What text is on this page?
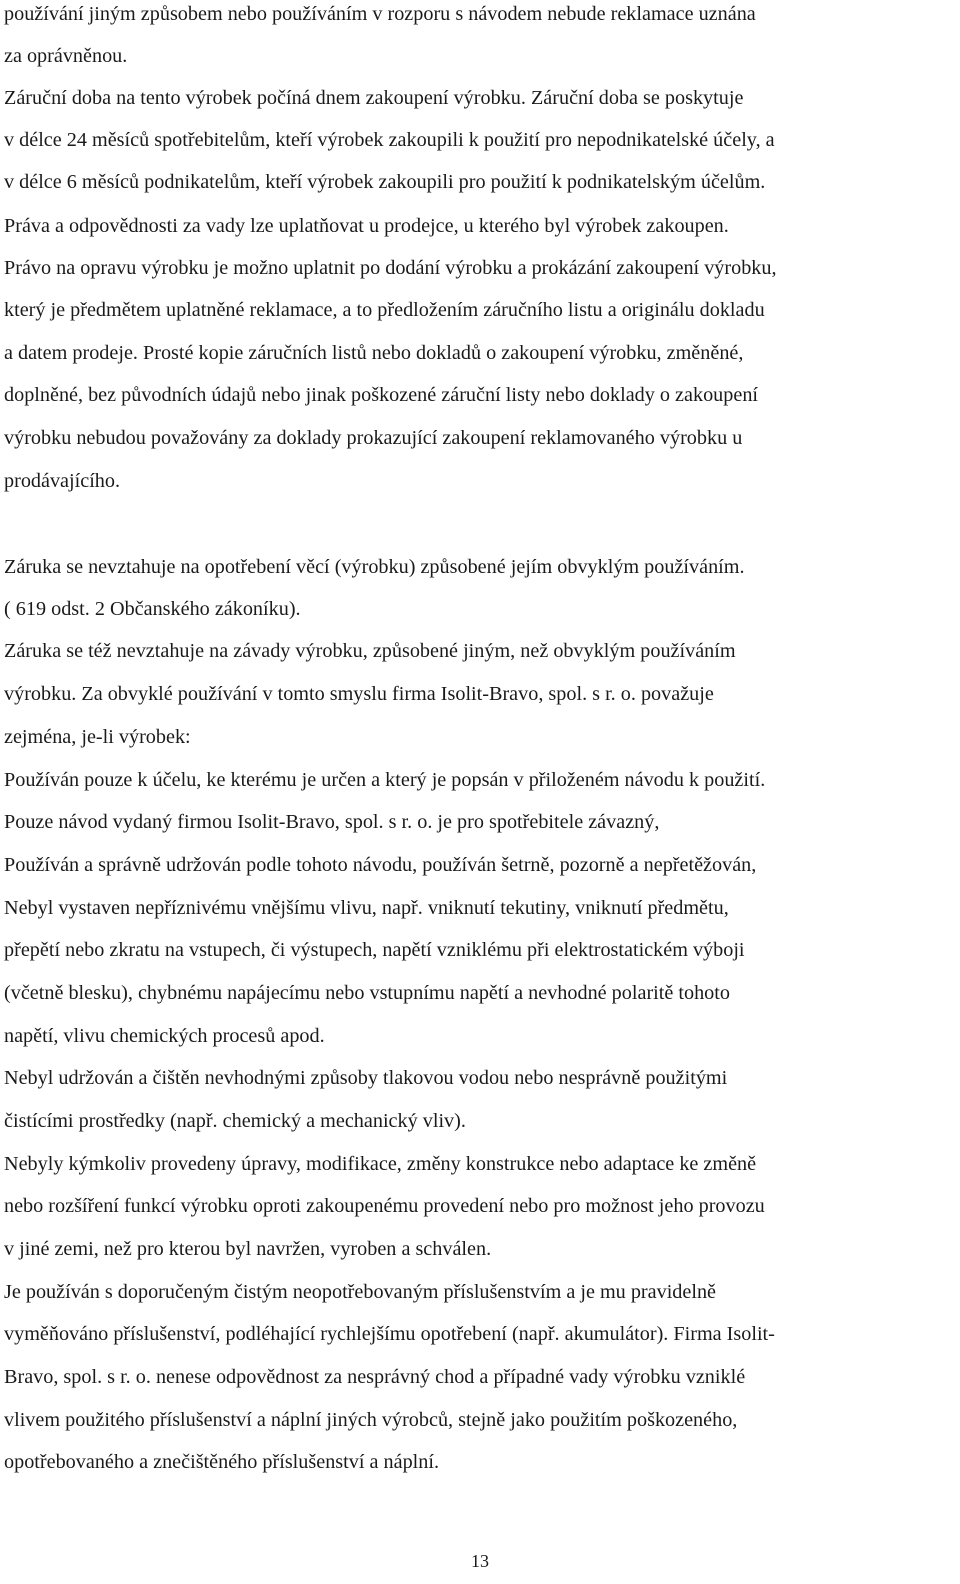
používání jiným způsobem nebo používáním v rozporu s návodem nebude reklamace uznána
za oprávněnou.
Záruční doba na tento výrobek počíná dnem zakoupení výrobku. Záruční doba se poskytuje
v délce 24 měsíců spotřebitelům, kteří výrobek zakoupili k použití pro nepodnikatelské účely, a
v délce 6 měsíců podnikatelům, kteří výrobek zakoupili pro použití k podnikatelským účelům.
Práva a odpovědnosti za vady lze uplatňovat u prodejce, u kterého byl výrobek zakoupen.
Právo na opravu výrobku je možno uplatnit po dodání výrobku a prokázání zakoupení výrobku,
který je předmětem uplatněné reklamace, a to předložením záručního listu a originálu dokladu
a datem prodeje. Prosté kopie záručních listů nebo dokladů o zakoupení výrobku, změněné,
doplněné, bez původních údajů nebo jinak poškozené záruční listy nebo doklady o zakoupení
výrobku nebudou považovány za doklady prokazující zakoupení reklamovaného výrobku u
prodávajícího.
Záruka se nevztahuje na opotřebení věcí (výrobku) způsobené jejím obvyklým používáním.
( 619 odst. 2 Občanského zákoníku).
Záruka se též nevztahuje na závady výrobku, způsobené jiným, než obvyklým používáním
výrobku. Za obvyklé používání v tomto smyslu firma Isolit-Bravo, spol. s r. o. považuje
zejména, je-li výrobek:
Používán pouze k účelu, ke kterému je určen a který je popsán v přiloženém návodu k použití.
Pouze návod vydaný firmou Isolit-Bravo, spol. s r. o. je pro spotřebitele závazný,
Používán a správně udržován podle tohoto návodu, používán šetrně, pozorně a nepřetěžován,
Nebyl vystaven nepříznivému vnějšímu vlivu, např. vniknutí tekutiny, vniknutí předmětu,
přepětí nebo zkratu na vstupech, či výstupech, napětí vzniklému při elektrostatickém výboji
(včetně blesku), chybnému napájecímu nebo vstupnímu napětí a nevhodné polaritě tohoto
napětí, vlivu chemických procesů apod.
Nebyl udržován a čištěn nevhodnými způsoby tlakovou vodou nebo nesprávně použitými
čistícími prostředky (např. chemický a mechanický vliv).
Nebyly kýmkoliv provedeny úpravy, modifikace, změny konstrukce nebo adaptace ke změně
nebo rozšíření funkcí výrobku oproti zakoupenému provedení nebo pro možnost jeho provozu
v jiné zemi, než pro kterou byl navržen, vyroben a schválen.
Je používán s doporučeným čistým neopotřebovaným příslušenstvím a je mu pravidelně
vyměňováno příslušenství, podléhající rychlejšímu opotřebení (např. akumulátor). Firma Isolit-
Bravo, spol. s r. o. nenese odpovědnost za nesprávný chod a případné vady výrobku vzniklé
vlivem použitého příslušenství a náplní jiných výrobců, stejně jako použitím poškozeného,
opotřebovaného a znečištěného příslušenství a náplní.
13
